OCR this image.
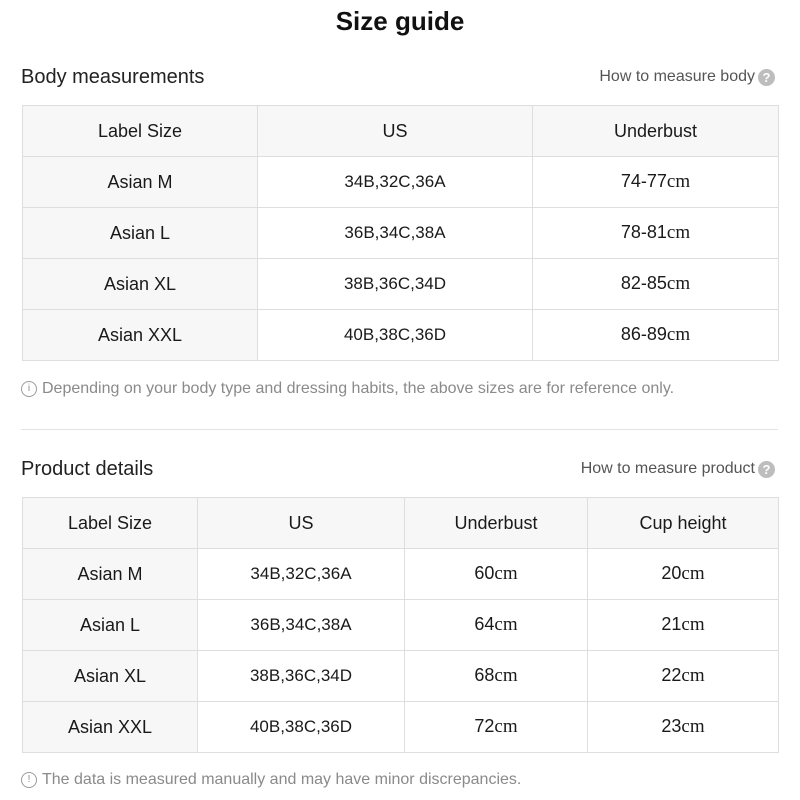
Size guide
Body measurements	How to measure body ?
Label Size	US	Underbust
Asian M	34B,32C,36A	74-77cm
Asian L	36B,34C,38A	78-81cm
Asian XL	38B,36C,34D	82-85cm
Asian XXL	40B,38C,36D	86-89cm
i Depending on your body type and dressing habits, the above sizes are for reference only.
Product details	How to measure product ?
Label Size	US	Underbust	Cup height
Asian M	34B,32C,36A	60cm	20cm
Asian L	36B,34C,38A	64cm	21cm
Asian XL	38B,36C,34D	68cm	22cm
Asian XXL	40B,38C,36D	72cm	23cm
! The data is measured manually and may have minor discrepancies.
